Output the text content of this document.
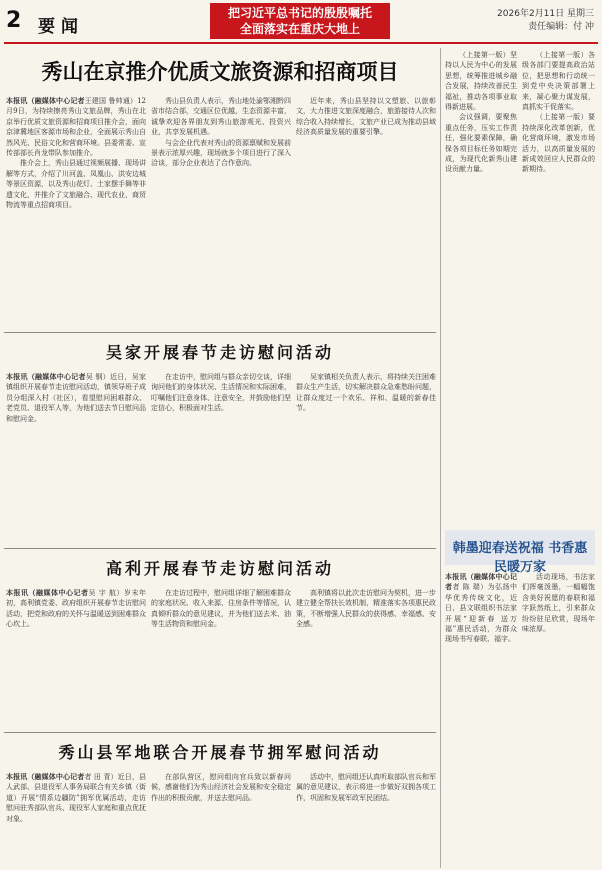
2 要闻
把习近平总书记的殷殷嘱托
全面落实在重庆大地上
2026年2月11日 星期三
责任编辑：付 冲
秀山在京推介优质文旅资源和招商项目

本报讯（融媒体中心记者王建国 鲁帅通）12月9日，为持续擦亮秀山文旅品牌，秀山在北京举行优质文旅资源和招商项目推介会，面向京津冀地区客源市场和企业，全面展示秀山自然风光、民俗文化和营商环境。县委常委、宣传部部长肖龙带队参加推介。

推介会上，秀山县通过视频展播、现场讲解等方式，介绍了川河盖、凤凰山、洪安边城等景区资源，以及秀山花灯、土家摆手舞等非遗文化，并推介了文旅融合、现代农业、商贸物流等重点招商项目。

秀山县负责人表示，秀山地处渝鄂湘黔四省市结合部，交通区位优越，生态资源丰富，诚挚欢迎各界朋友到秀山旅游观光、投资兴业，共享发展机遇。

与会企业代表对秀山的资源禀赋和发展前景表示浓厚兴趣，现场就多个项目进行了深入洽谈，部分企业表达了合作意向。

近年来，秀山县坚持以文塑旅、以旅彰文，大力推进文旅深度融合，旅游接待人次和综合收入持续增长，文旅产业已成为推动县域经济高质量发展的重要引擎。

吴家开展春节走访慰问活动

本报讯（融媒体中心记者吴 钢）近日，吴家镇组织开展春节走访慰问活动，镇领导班子成员分组深入村（社区），看望慰问困难群众、老党员、退役军人等，为他们送去节日慰问品和慰问金。

在走访中，慰问组与群众亲切交谈，详细询问他们的身体状况、生活情况和实际困难，叮嘱他们注意身体、注意安全，并鼓励他们坚定信心，积极面对生活。

吴家镇相关负责人表示，将持续关注困难群众生产生活，切实解决群众急难愁盼问题，让群众度过一个欢乐、祥和、温暖的新春佳节。

高利开展春节走访慰问活动

本报讯（融媒体中心记者吴 宇 航）岁末年初，高利镇党委、政府组织开展春节走访慰问活动，把党和政府的关怀与温暖送到困难群众心坎上。

在走访过程中，慰问组详细了解困难群众的家庭状况、收入来源、住房条件等情况，认真倾听群众的意见建议，并为他们送去米、油等生活物资和慰问金。

高利镇将以此次走访慰问为契机，进一步建立健全帮扶长效机制，精准落实各项惠民政策，不断增强人民群众的获得感、幸福感、安全感。

秀山县军地联合开展春节拥军慰问活动

本报讯（融媒体中心记者者 田 青）近日，县人武部、县退役军人事务局联合有关乡镇（街道）开展“情系边疆防”拥军优属活动，走访慰问驻秀部队官兵、现役军人家庭和重点优抚对象。

在部队营区，慰问组向官兵致以新春问候，感谢他们为秀山经济社会发展和安全稳定作出的积极贡献，并送去慰问品。

活动中，慰问组还认真听取部队官兵和军属的意见建议，表示将进一步做好双拥各项工作，巩固和发展军政军民团结。

（上接第一版）坚持以人民为中心的发展思想，统筹推进城乡融合发展，持续改善民生福祉，推动各项事业取得新进展。

会议强调，要聚焦重点任务，压实工作责任，强化要素保障，确保各项目标任务如期完成，为现代化新秀山建设贡献力量。

（上接第一版）各级各部门要提高政治站位，把思想和行动统一到党中央决策部署上来，凝心聚力谋发展，真抓实干促落实。

（上接第一版）要持续深化改革创新，优化营商环境，激发市场活力，以高质量发展的新成效回应人民群众的新期待。

韩墨迎春送祝福 书香惠民暖万家

本报讯（融媒体中心记者者 陈 瑞）为弘扬中华优秀传统文化，近日，县文联组织书法家开展“迎新春 送万福”惠民活动，为群众现场书写春联、福字。

活动现场，书法家们挥毫泼墨，一幅幅饱含美好祝愿的春联和福字跃然纸上，引来群众纷纷驻足欣赏，现场年味浓厚。
